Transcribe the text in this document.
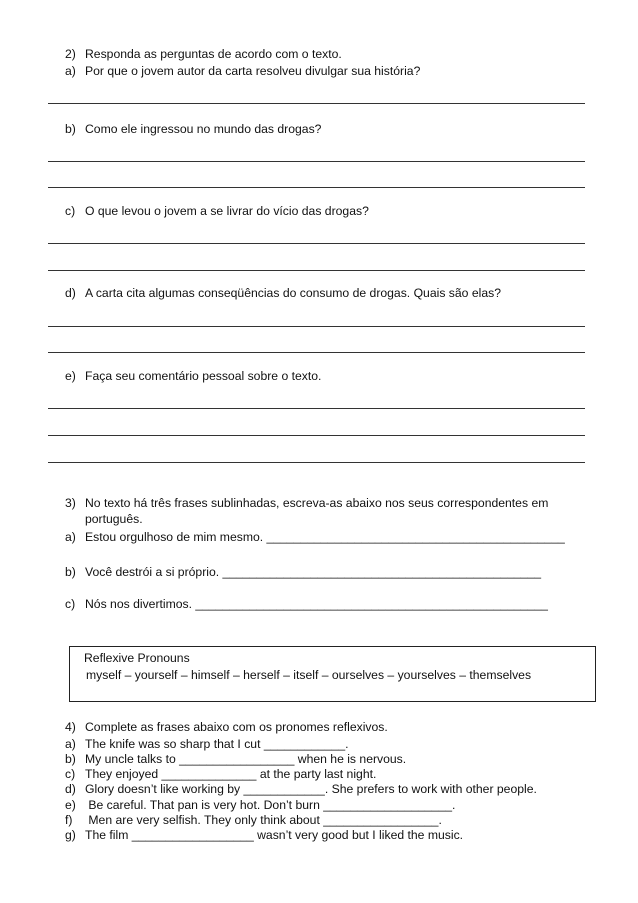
2) Responda as perguntas de acordo com o texto.
a) Por que o jovem autor da carta resolveu divulgar sua história?
b) Como ele ingressou no mundo das drogas?
c) O que levou o jovem a se livrar do vício das drogas?
d) A carta cita algumas conseqüências do consumo de drogas. Quais são elas?
e) Faça seu comentário pessoal sobre o texto.
3) No texto há três frases sublinhadas, escreva-as abaixo nos seus correspondentes em
português.
a) Estou orgulhoso de mim mesmo. ____________________________________________
b) Você destrói a si próprio. _______________________________________________
c) Nós nos divertimos. ____________________________________________________
Reflexive Pronouns
myself – yourself – himself – herself – itself – ourselves – yourselves – themselves
4) Complete as frases abaixo com os pronomes reflexivos.
a) The knife was so sharp that I cut ____________.
b) My uncle talks to _________________ when he is nervous.
c) They enjoyed ______________ at the party last night.
d) Glory doesn’t like working by ____________. She prefers to work with other people.
e) Be careful. That pan is very hot. Don’t burn ___________________.
f) Men are very selfish. They only think about _________________.
g) The film __________________ wasn’t very good but I liked the music.
